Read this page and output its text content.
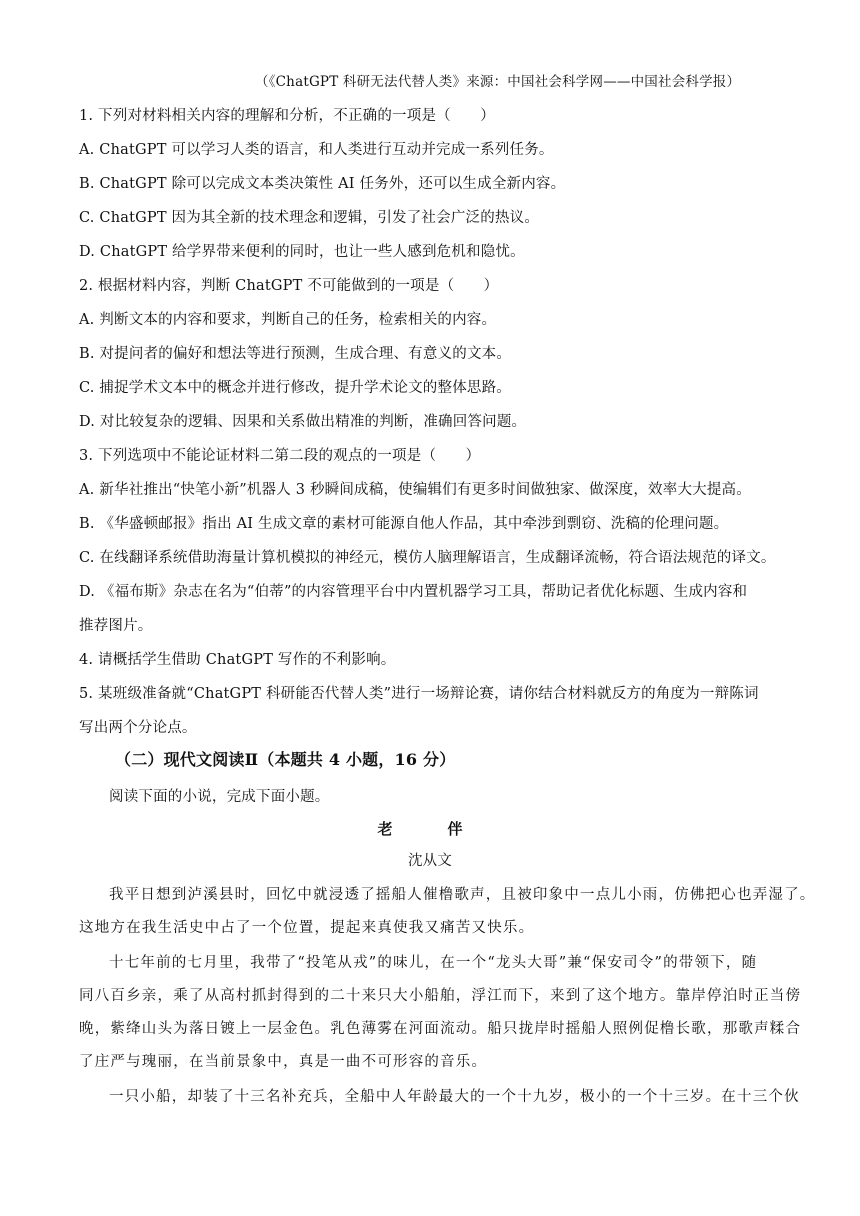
（《ChatGPT 科研无法代替人类》来源：中国社会科学网——中国社会科学报）
1. 下列对材料相关内容的理解和分析，不正确的一项是（　　）
A. ChatGPT 可以学习人类的语言，和人类进行互动并完成一系列任务。
B. ChatGPT 除可以完成文本类决策性 AI 任务外，还可以生成全新内容。
C. ChatGPT 因为其全新的技术理念和逻辑，引发了社会广泛的热议。
D. ChatGPT 给学界带来便利的同时，也让一些人感到危机和隐忧。
2. 根据材料内容，判断 ChatGPT 不可能做到的一项是（　　）
A. 判断文本的内容和要求，判断自己的任务，检索相关的内容。
B. 对提问者的偏好和想法等进行预测，生成合理、有意义的文本。
C. 捕捉学术文本中的概念并进行修改，提升学术论文的整体思路。
D. 对比较复杂的逻辑、因果和关系做出精准的判断，准确回答问题。
3. 下列选项中不能论证材料二第二段的观点的一项是（　　）
A. 新华社推出“快笔小新”机器人 3 秒瞬间成稿，使编辑们有更多时间做独家、做深度，效率大大提高。
B. 《华盛顿邮报》指出 AI 生成文章的素材可能源自他人作品，其中牵涉到剽窃、洗稿的伦理问题。
C. 在线翻译系统借助海量计算机模拟的神经元，模仿人脑理解语言，生成翻译流畅，符合语法规范的译文。
D. 《福布斯》杂志在名为“伯蒂”的内容管理平台中内置机器学习工具，帮助记者优化标题、生成内容和
推荐图片。
4. 请概括学生借助 ChatGPT 写作的不利影响。
5. 某班级准备就“ChatGPT 科研能否代替人类”进行一场辩论赛，请你结合材料就反方的角度为一辩陈词
写出两个分论点。
（二）现代文阅读Ⅱ（本题共 4 小题，16 分）
阅读下面的小说，完成下面小题。
老　伴
沈从文
我平日想到泸溪县时，回忆中就浸透了摇船人催橹歌声，且被印象中一点儿小雨，仿佛把心也弄湿了。
这地方在我生活史中占了一个位置，提起来真使我又痛苦又快乐。
十七年前的七月里，我带了“投笔从戎”的味儿，在一个“龙头大哥”兼“保安司令”的带领下，随
同八百乡亲，乘了从高村抓封得到的二十来只大小船舶，浮江而下，来到了这个地方。靠岸停泊时正当傍
晚，紫绛山头为落日镀上一层金色。乳色薄雾在河面流动。船只拢岸时摇船人照例促橹长歌，那歌声糅合
了庄严与瑰丽，在当前景象中，真是一曲不可形容的音乐。
一只小船，却装了十三名补充兵，全船中人年龄最大的一个十九岁，极小的一个十三岁。在十三个伙
